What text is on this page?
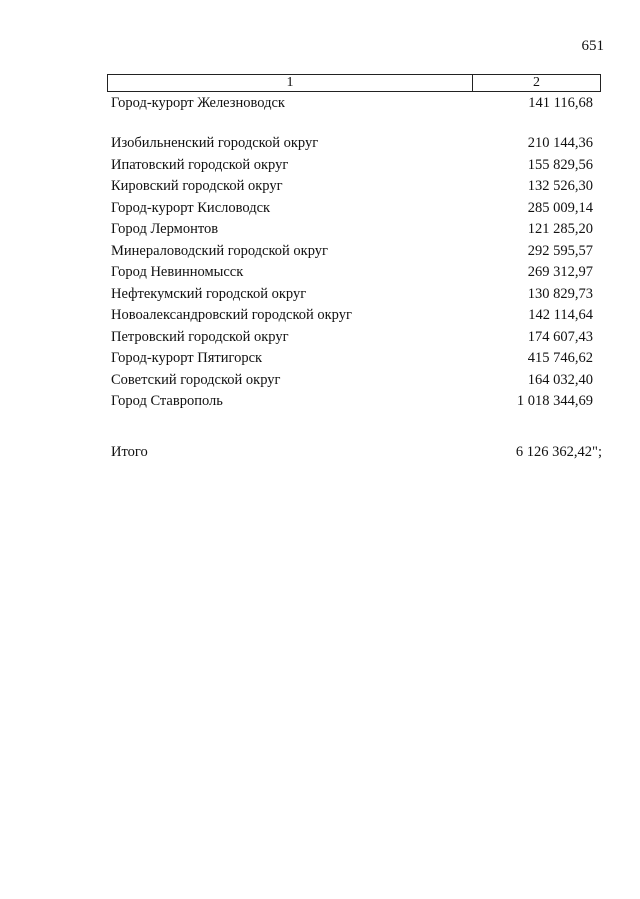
651
1	2
Город-курорт Железноводск	141 116,68
Изобильненский городской округ	210 144,36
Ипатовский городской округ	155 829,56
Кировский городской округ	132 526,30
Город-курорт Кисловодск	285 009,14
Город Лермонтов	121 285,20
Минераловодский городской округ	292 595,57
Город Невинномысск	269 312,97
Нефтекумский городской округ	130 829,73
Новоалександровский городской округ	142 114,64
Петровский городской округ	174 607,43
Город-курорт Пятигорск	415 746,62
Советский городской округ	164 032,40
Город Ставрополь	1 018 344,69
Итого	6 126 362,42";
